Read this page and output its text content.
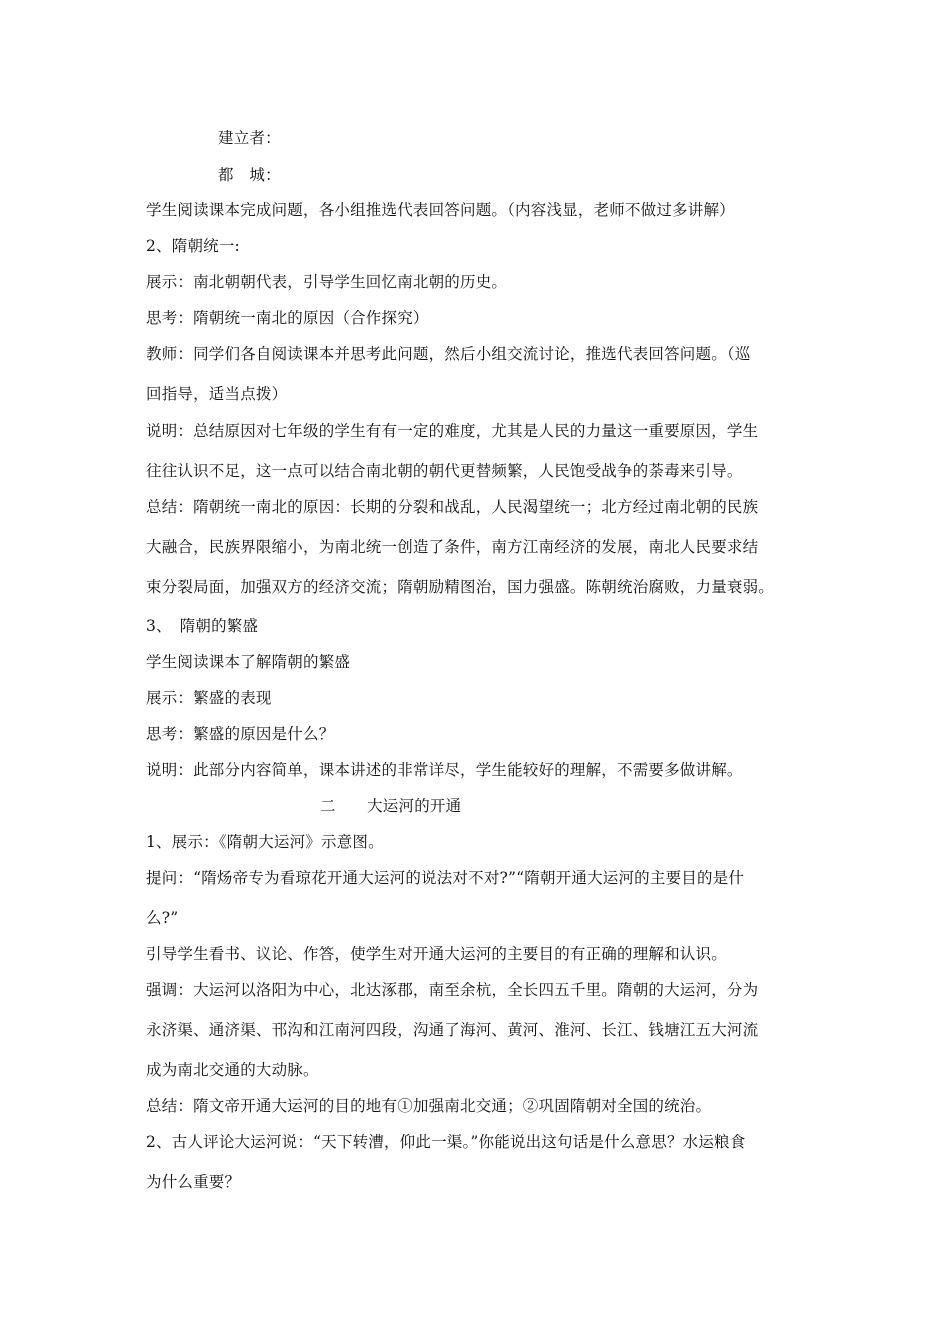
建立者：
都　城：
学生阅读课本完成问题，各小组推选代表回答问题。（内容浅显，老师不做过多讲解）
2、隋朝统一:
展示：南北朝朝代表，引导学生回忆南北朝的历史。
思考：隋朝统一南北的原因（合作探究）
教师：同学们各自阅读课本并思考此问题，然后小组交流讨论，推选代表回答问题。（巡
回指导，适当点拨）
说明：总结原因对七年级的学生有有一定的难度，尤其是人民的力量这一重要原因，学生
往往认识不足，这一点可以结合南北朝的朝代更替频繁，人民饱受战争的荼毒来引导。
总结：隋朝统一南北的原因：长期的分裂和战乱，人民渴望统一；北方经过南北朝的民族
大融合，民族界限缩小，为南北统一创造了条件，南方江南经济的发展，南北人民要求结
束分裂局面，加强双方的经济交流；隋朝励精图治，国力强盛。陈朝统治腐败，力量衰弱。
3、　隋朝的繁盛
学生阅读课本了解隋朝的繁盛
展示：繁盛的表现
思考：繁盛的原因是什么？
说明：此部分内容简单，课本讲述的非常详尽，学生能较好的理解，不需要多做讲解。
二　　大运河的开通
1、展示：《隋朝大运河》示意图。
提问：“隋炀帝专为看琼花开通大运河的说法对不对?”“隋朝开通大运河的主要目的是什
么?”
引导学生看书、议论、作答，使学生对开通大运河的主要目的有正确的理解和认识。
强调：大运河以洛阳为中心，北达涿郡，南至余杭，全长四五千里。隋朝的大运河，分为
永济渠、通济渠、邗沟和江南河四段，沟通了海河、黄河、淮河、长江、钱塘江五大河流
成为南北交通的大动脉。
总结：隋文帝开通大运河的目的地有①加强南北交通；②巩固隋朝对全国的统治。
2、古人评论大运河说：“天下转漕，仰此一渠。”你能说出这句话是什么意思？水运粮食
为什么重要？
